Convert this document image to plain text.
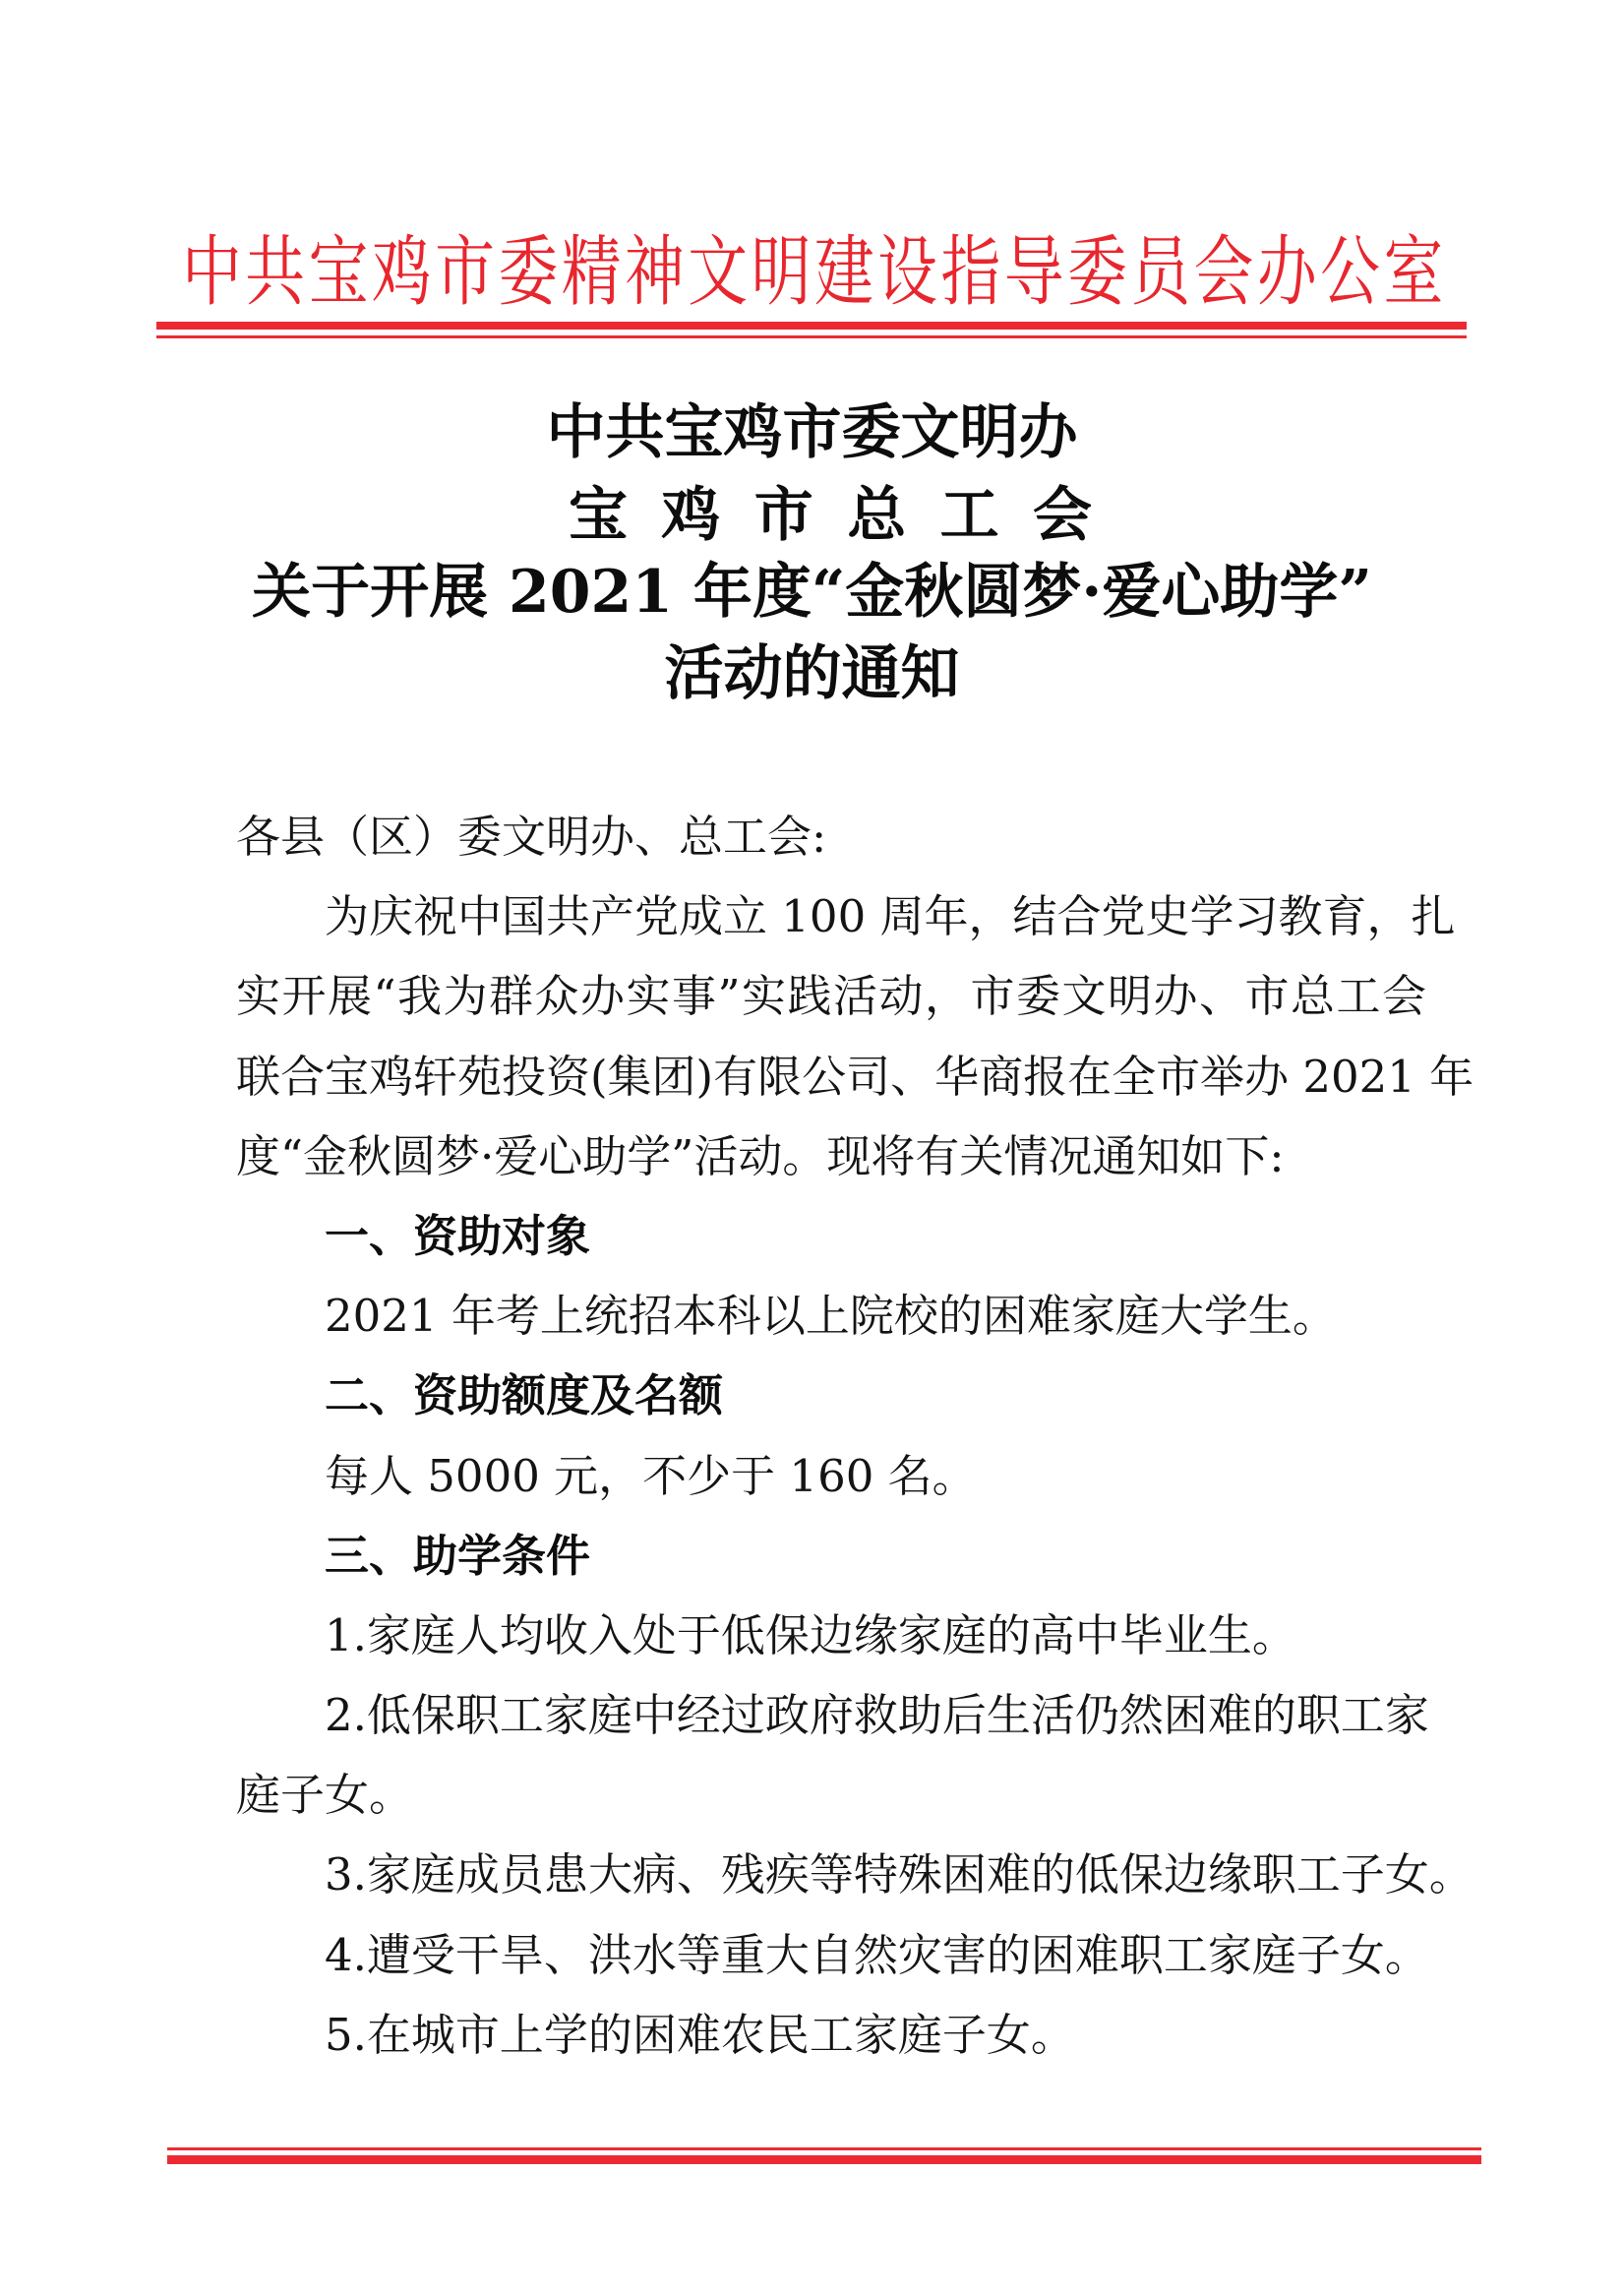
中共宝鸡市委精神文明建设指导委员会办公室
中共宝鸡市委文明办
宝 鸡 市 总 工 会
关于开展 2021 年度“金秋圆梦·爱心助学”
活动的通知
各县（区）委文明办、总工会:
为庆祝中国共产党成立 100 周年，结合党史学习教育，扎
实开展“我为群众办实事”实践活动，市委文明办、市总工会
联合宝鸡轩苑投资(集团)有限公司、华商报在全市举办 2021 年
度“金秋圆梦·爱心助学”活动。现将有关情况通知如下:
一、资助对象
2021 年考上统招本科以上院校的困难家庭大学生。
二、资助额度及名额
每人 5000 元，不少于 160 名。
三、助学条件
1.家庭人均收入处于低保边缘家庭的高中毕业生。
2.低保职工家庭中经过政府救助后生活仍然困难的职工家
庭子女。
3.家庭成员患大病、残疾等特殊困难的低保边缘职工子女。
4.遭受干旱、洪水等重大自然灾害的困难职工家庭子女。
5.在城市上学的困难农民工家庭子女。
